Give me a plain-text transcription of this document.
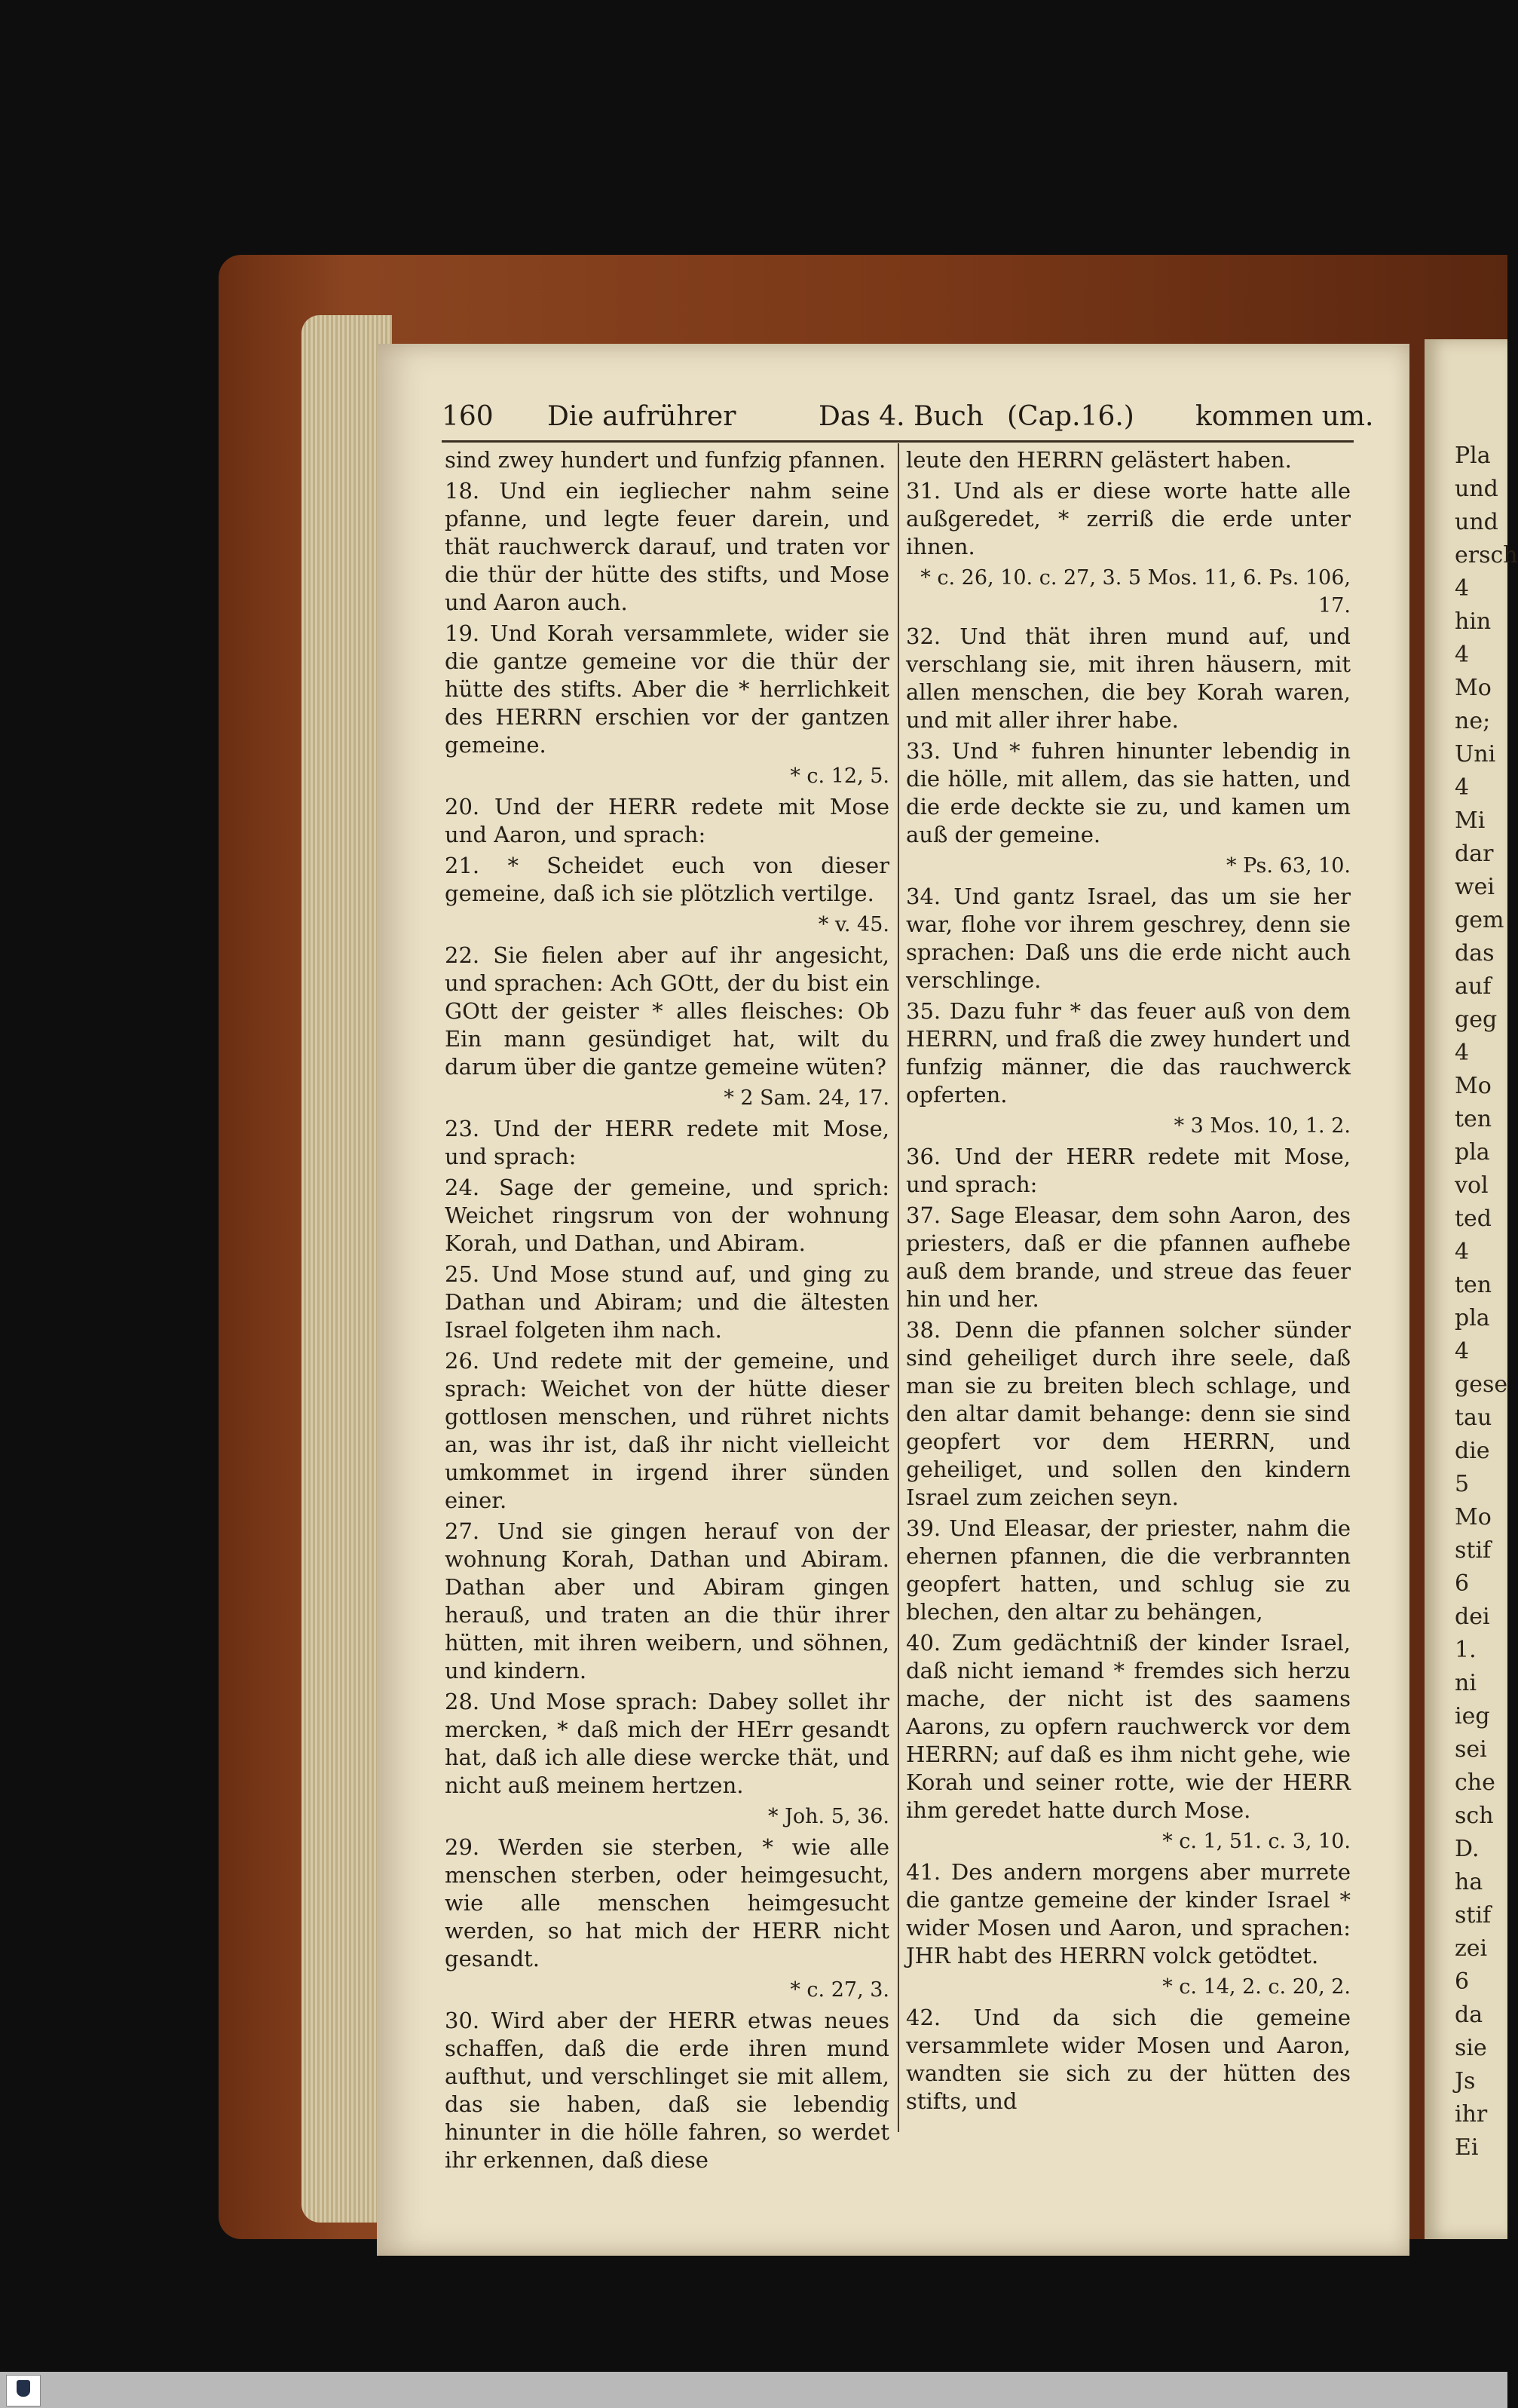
160 Die aufrührer	Das 4. Buch (Cap.16.) kommen um.

sind zwey hundert und funfzig pfannen.

18. Und ein iegliecher nahm seine pfanne, und legte feuer darein, und thät rauchwerck darauf, und traten vor die thür der hütte des stifts, und Mose und Aaron auch.

19. Und Korah versammlete, wider sie die gantze gemeine vor die thür der hütte des stifts. Aber die * herrlichkeit des HERRN erschien vor der gantzen gemeine.

* c. 12, 5.

20. Und der HERR redete mit Mose und Aaron, und sprach:

21. * Scheidet euch von dieser gemeine, daß ich sie plötzlich vertilge.

* v. 45.

22. Sie fielen aber auf ihr angesicht, und sprachen: Ach GOtt, der du bist ein GOtt der geister * alles fleisches: Ob Ein mann gesündiget hat, wilt du darum über die gantze gemeine wüten?

* 2 Sam. 24, 17.

23. Und der HERR redete mit Mose, und sprach:

24. Sage der gemeine, und sprich: Weichet ringsrum von der wohnung Korah, und Dathan, und Abiram.

25. Und Mose stund auf, und ging zu Dathan und Abiram; und die ältesten Israel folgeten ihm nach.

26. Und redete mit der gemeine, und sprach: Weichet von der hütte dieser gottlosen menschen, und rühret nichts an, was ihr ist, daß ihr nicht vielleicht umkommet in irgend ihrer sünden einer.

27. Und sie gingen herauf von der wohnung Korah, Dathan und Abiram. Dathan aber und Abiram gingen herauß, und traten an die thür ihrer hütten, mit ihren weibern, und söhnen, und kindern.

28. Und Mose sprach: Dabey sollet ihr mercken, * daß mich der HErr gesandt hat, daß ich alle diese wercke thät, und nicht auß meinem hertzen.

* Joh. 5, 36.

29. Werden sie sterben, * wie alle menschen sterben, oder heimgesucht, wie alle menschen heimgesucht werden, so hat mich der HERR nicht gesandt.

* c. 27, 3.

30. Wird aber der HERR etwas neues schaffen, daß die erde ihren mund aufthut, und verschlinget sie mit allem, das sie haben, daß sie lebendig hinunter in die hölle fahren, so werdet ihr erkennen, daß diese

leute den HERRN gelästert haben.

31. Und als er diese worte hatte alle außgeredet, * zerriß die erde unter ihnen.

* c. 26, 10. c. 27, 3. 5 Mos. 11, 6. Ps. 106, 17.

32. Und thät ihren mund auf, und verschlang sie, mit ihren häusern, mit allen menschen, die bey Korah waren, und mit aller ihrer habe.

33. Und * fuhren hinunter lebendig in die hölle, mit allem, das sie hatten, und die erde deckte sie zu, und kamen um auß der gemeine.

* Ps. 63, 10.

34. Und gantz Israel, das um sie her war, flohe vor ihrem geschrey, denn sie sprachen: Daß uns die erde nicht auch verschlinge.

35. Dazu fuhr * das feuer auß von dem HERRN, und fraß die zwey hundert und funfzig männer, die das rauchwerck opferten.

* 3 Mos. 10, 1. 2.

36. Und der HERR redete mit Mose, und sprach:

37. Sage Eleasar, dem sohn Aaron, des priesters, daß er die pfannen aufhebe auß dem brande, und streue das feuer hin und her.

38. Denn die pfannen solcher sünder sind geheiliget durch ihre seele, daß man sie zu breiten blech schlage, und den altar damit behange: denn sie sind geopfert vor dem HERRN, und geheiliget, und sollen den kindern Israel zum zeichen seyn.

39. Und Eleasar, der priester, nahm die ehernen pfannen, die die verbrannten geopfert hatten, und schlug sie zu blechen, den altar zu behängen,

40. Zum gedächtniß der kinder Israel, daß nicht iemand * fremdes sich herzu mache, der nicht ist des saamens Aarons, zu opfern rauchwerck vor dem HERRN; auf daß es ihm nicht gehe, wie Korah und seiner rotte, wie der HERR ihm geredet hatte durch Mose.

* c. 1, 51. c. 3, 10.

41. Des andern morgens aber murrete die gantze gemeine der kinder Israel * wider Mosen und Aaron, und sprachen: JHR habt des HERRN volck getödtet.

* c. 14, 2. c. 20, 2.

42. Und da sich die gemeine versammlete wider Mosen und Aaron, wandten sie sich zu der hütten des stifts, und

Pla
und
und
ersch
4
hin
4
Mo
ne;
Uni
4
Mi
dar
wei
gem
das
auf
geg
4
Mo
ten
pla
vol
ted
4
ten
pla
4
gese
tau
die
5
Mo
stif
6
dei
1.
ni
ieg
sei
che
sch
D.
ha
stif
zei
6
da
sie
Js
ihr
Ei
